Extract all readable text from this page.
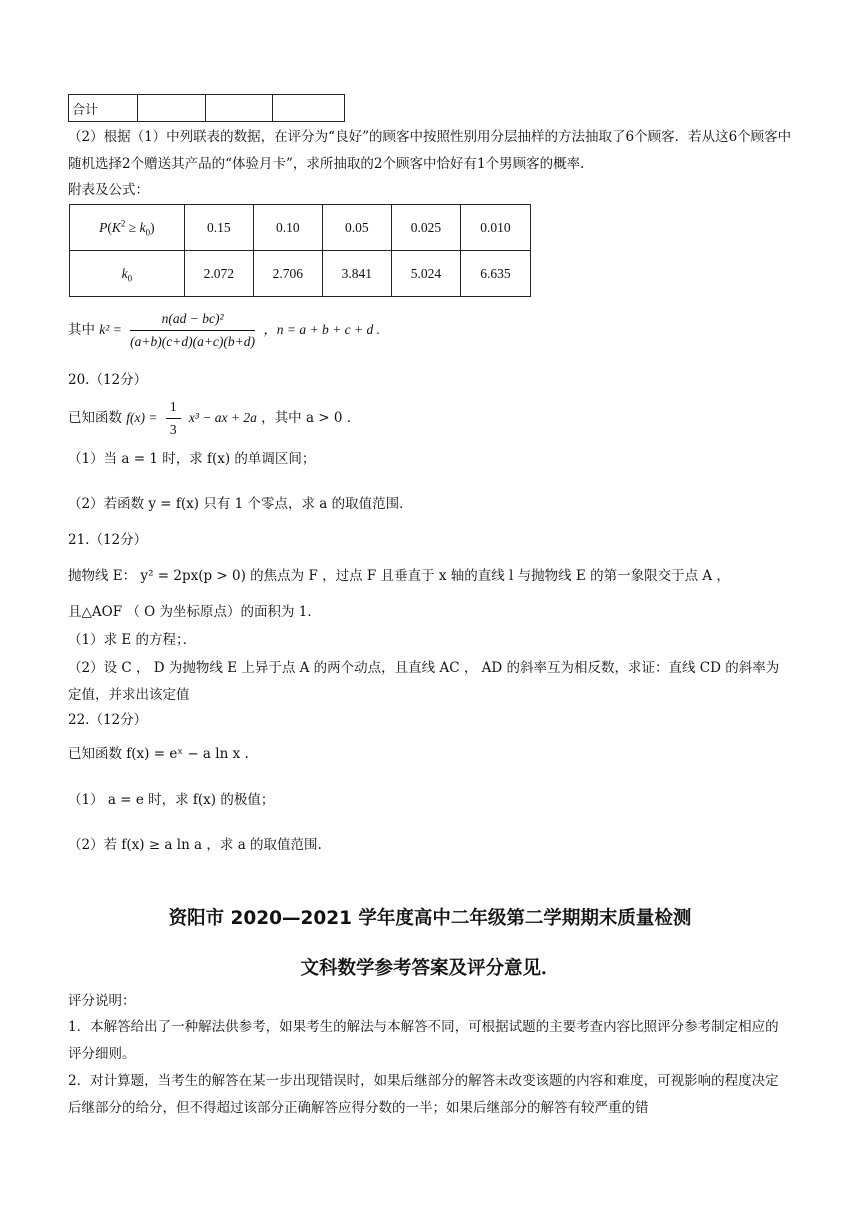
合计			
（2）根据（1）中列联表的数据，在评分为“良好”的顾客中按照性别用分层抽样的方法抽取了6个顾客．若从这6个顾客中随机选择2个赠送其产品的“体验月卡”，求所抽取的2个顾客中恰好有1个男顾客的概率．
附表及公式：
$P(K^2 \ge k_0)$	0.15	0.10	0.05	0.025	0.010
$k_0$	2.072	2.706	3.841	5.024	6.635
其中 $k^2 = \frac{\text{n(ad − bc)²}}{(a+b)(c+d)(a+c)(b+d)}$ ，n = a + b + c + d .
20.（12分）
已知函数 $f(x) = \frac{1}{3} x^3$ − ax + 2a ，其中 a > 0 .
（1）当 a = 1 时，求 f(x) 的单调区间；
（2）若函数 y = f(x) 只有 1 个零点，求 a 的取值范围．
21.（12分）
抛物线 E： y² = 2px(p > 0) 的焦点为 F ，过点 F 且垂直于 x 轴的直线 l 与抛物线 E 的第一象限交于点 A ，
且△AOF （ O 为坐标原点）的面积为 1．
（1）求 E 的方程；．
（2）设 C ， D 为抛物线 E 上异于点 A 的两个动点，且直线 AC ， AD 的斜率互为相反数，求证：直线 CD 的斜率为定值，并求出该定值
22.（12分）
已知函数 f(x) = eˣ − a ln x .
（1） a = e 时，求 f(x) 的极值；
（2）若 f(x) ≥ a ln a ，求 a 的取值范围.
资阳市 2020—2021 学年度高中二年级第二学期期末质量检测
文科数学参考答案及评分意见．
评分说明：
1．本解答给出了一种解法供参考，如果考生的解法与本解答不同，可根据试题的主要考查内容比照评分参考制定相应的评分细则。
2．对计算题，当考生的解答在某一步出现错误时，如果后继部分的解答未改变该题的内容和难度，可视影响的程度决定后继部分的给分，但不得超过该部分正确解答应得分数的一半；如果后继部分的解答有较严重的错
